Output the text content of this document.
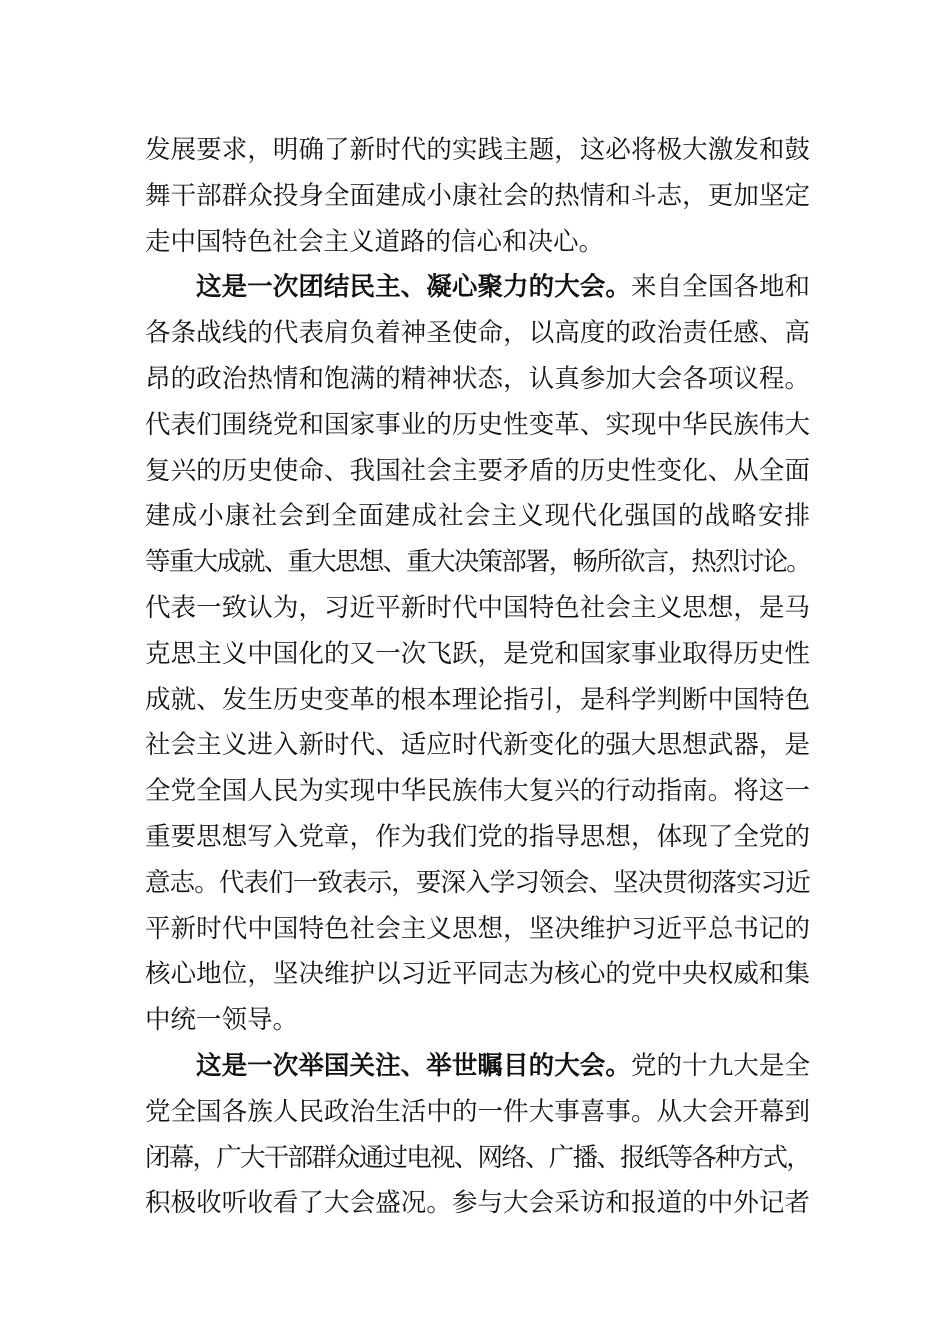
发展要求，明确了新时代的实践主题，这必将极大激发和鼓
舞干部群众投身全面建成小康社会的热情和斗志，更加坚定
走中国特色社会主义道路的信心和决心。
这是一次团结民主、凝心聚力的大会。来自全国各地和
各条战线的代表肩负着神圣使命，以高度的政治责任感、高
昂的政治热情和饱满的精神状态，认真参加大会各项议程。
代表们围绕党和国家事业的历史性变革、实现中华民族伟大
复兴的历史使命、我国社会主要矛盾的历史性变化、从全面
建成小康社会到全面建成社会主义现代化强国的战略安排
等重大成就、重大思想、重大决策部署，畅所欲言，热烈讨论。
代表一致认为，习近平新时代中国特色社会主义思想，是马
克思主义中国化的又一次飞跃，是党和国家事业取得历史性
成就、发生历史变革的根本理论指引，是科学判断中国特色
社会主义进入新时代、适应时代新变化的强大思想武器，是
全党全国人民为实现中华民族伟大复兴的行动指南。将这一
重要思想写入党章，作为我们党的指导思想，体现了全党的
意志。代表们一致表示，要深入学习领会、坚决贯彻落实习近
平新时代中国特色社会主义思想，坚决维护习近平总书记的
核心地位，坚决维护以习近平同志为核心的党中央权威和集
中统一领导。
这是一次举国关注、举世瞩目的大会。党的十九大是全
党全国各族人民政治生活中的一件大事喜事。从大会开幕到
闭幕，广大干部群众通过电视、网络、广播、报纸等各种方式，
积极收听收看了大会盛况。参与大会采访和报道的中外记者
